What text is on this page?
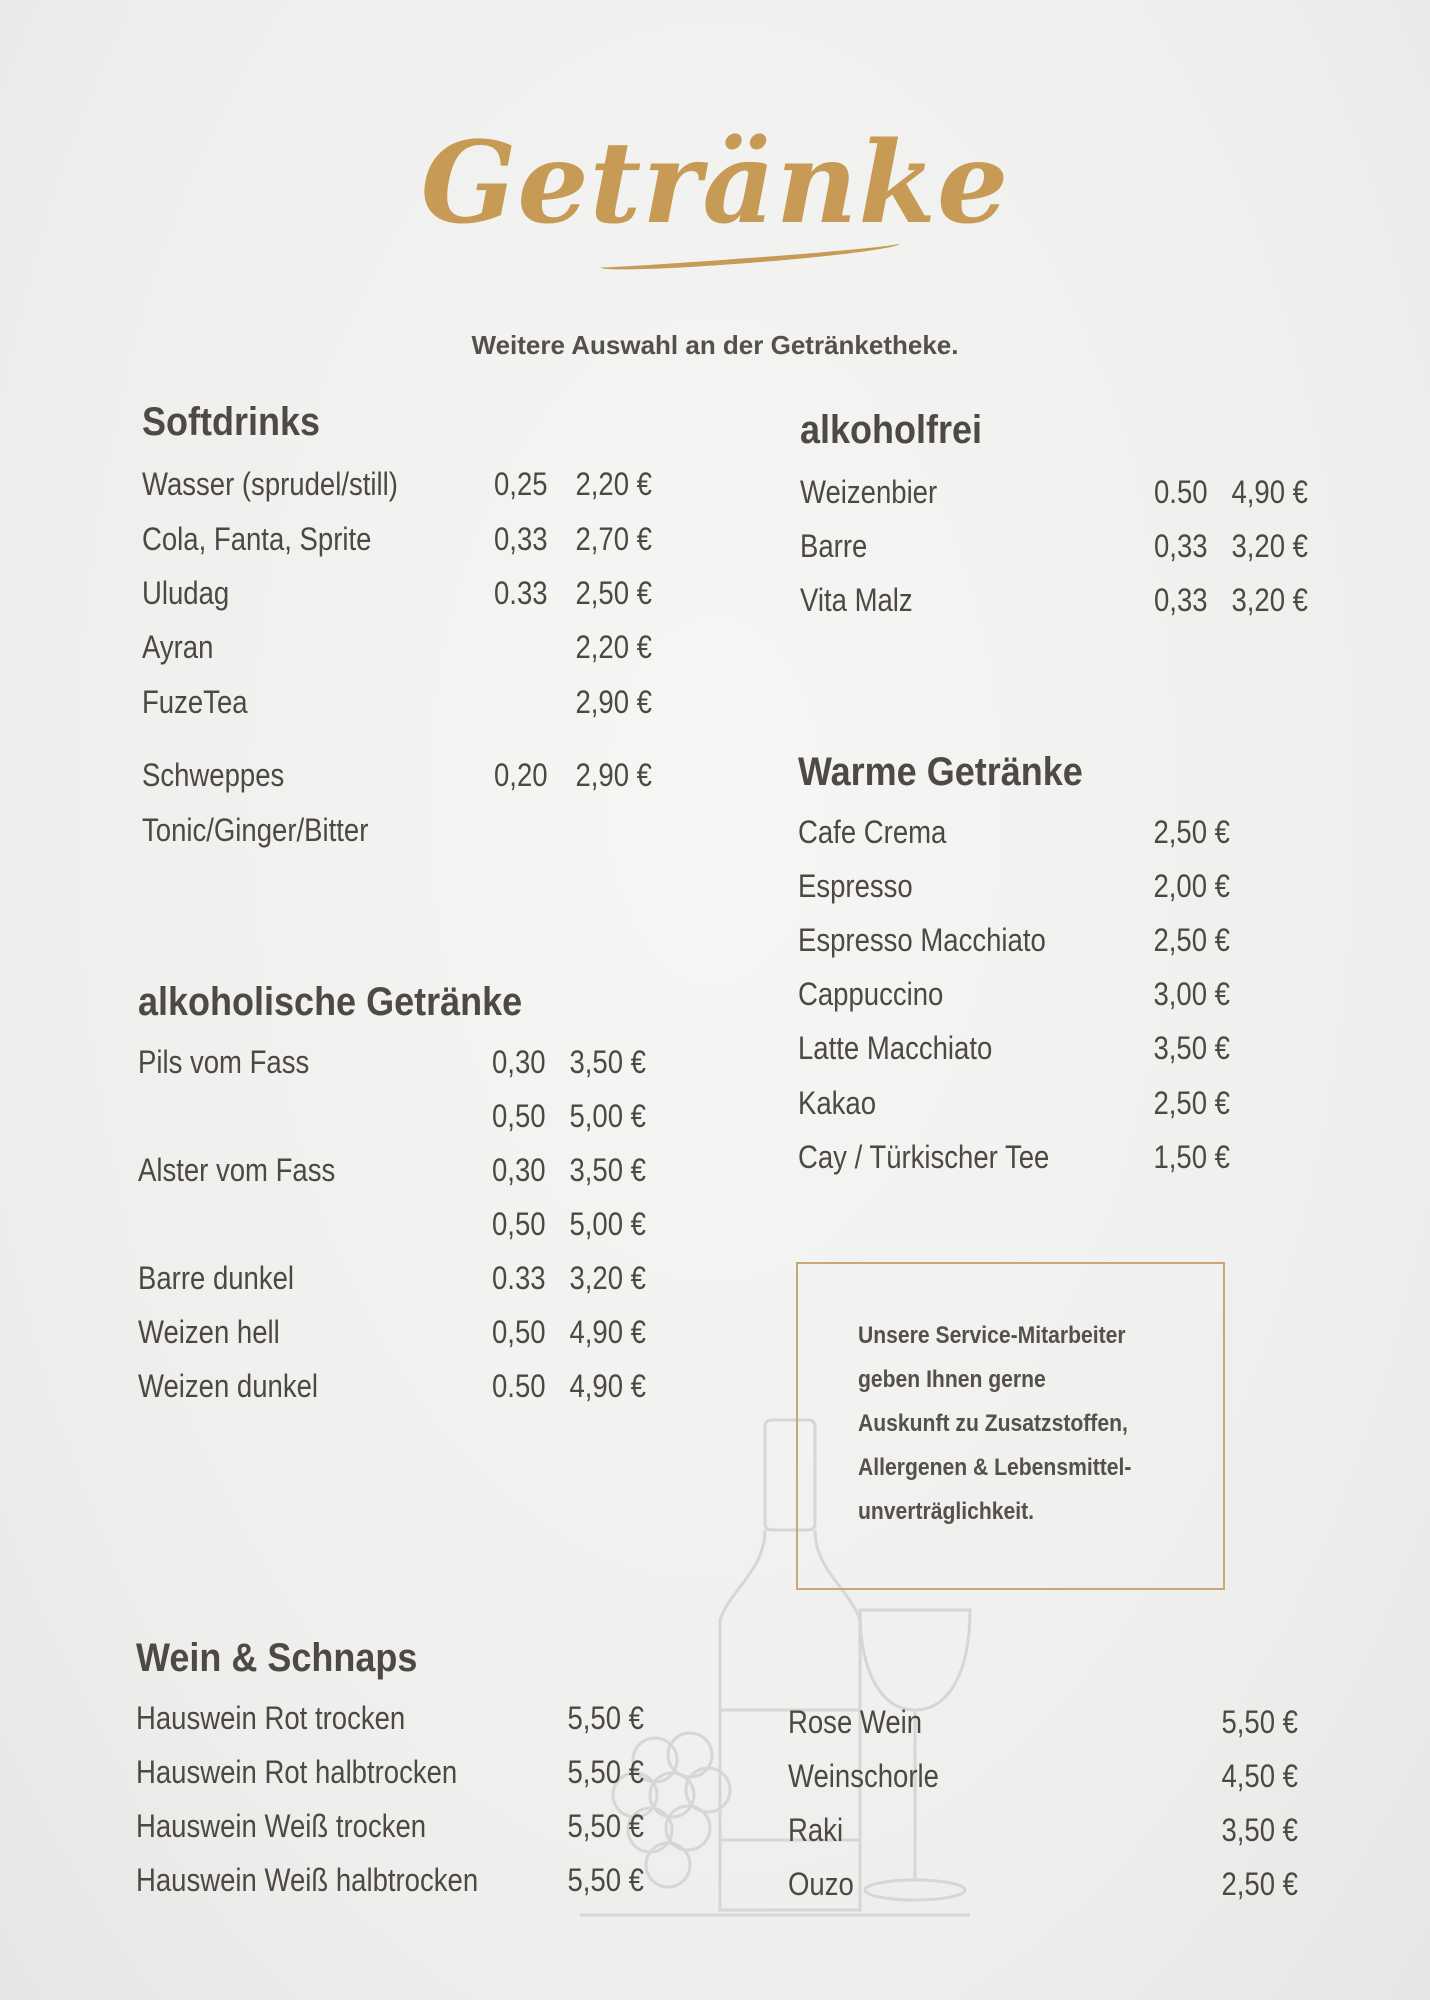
Getränke
Weitere Auswahl an der Getränketheke.
Softdrinks
Wasser (sprudel/still)	0,25 2,20 €
Cola, Fanta, Sprite	0,33 2,70 €
Uludag	0.33 2,50 €
Ayran	2,20 €
FuzeTea	2,90 €
Schweppes	0,20 2,90 €
Tonic/Ginger/Bitter
alkoholfrei
Weizenbier	0.50 4,90 €
Barre	0,33 3,20 €
Vita Malz	0,33 3,20 €
Warme Getränke
Cafe Crema	2,50 €
Espresso	2,00 €
Espresso Macchiato	2,50 €
Cappuccino	3,00 €
Latte Macchiato	3,50 €
Kakao	2,50 €
Cay / Türkischer Tee	1,50 €
alkoholische Getränke
Pils vom Fass	0,30 3,50 €
0,50 5,00 €
Alster vom Fass	0,30 3,50 €
0,50 5,00 €
Barre dunkel	0.33 3,20 €
Weizen hell	0,50 4,90 €
Weizen dunkel	0.50 4,90 €
Unsere Service-Mitarbeiter
geben Ihnen gerne
Auskunft zu Zusatzstoffen,
Allergenen & Lebensmittel-
unverträglichkeit.
Wein & Schnaps
Hauswein Rot trocken	5,50 €
Hauswein Rot halbtrocken	5,50 €
Hauswein Weiß trocken	5,50 €
Hauswein Weiß halbtrocken	5,50 €
Rose Wein	5,50 €
Weinschorle	4,50 €
Raki	3,50 €
Ouzo	2,50 €
